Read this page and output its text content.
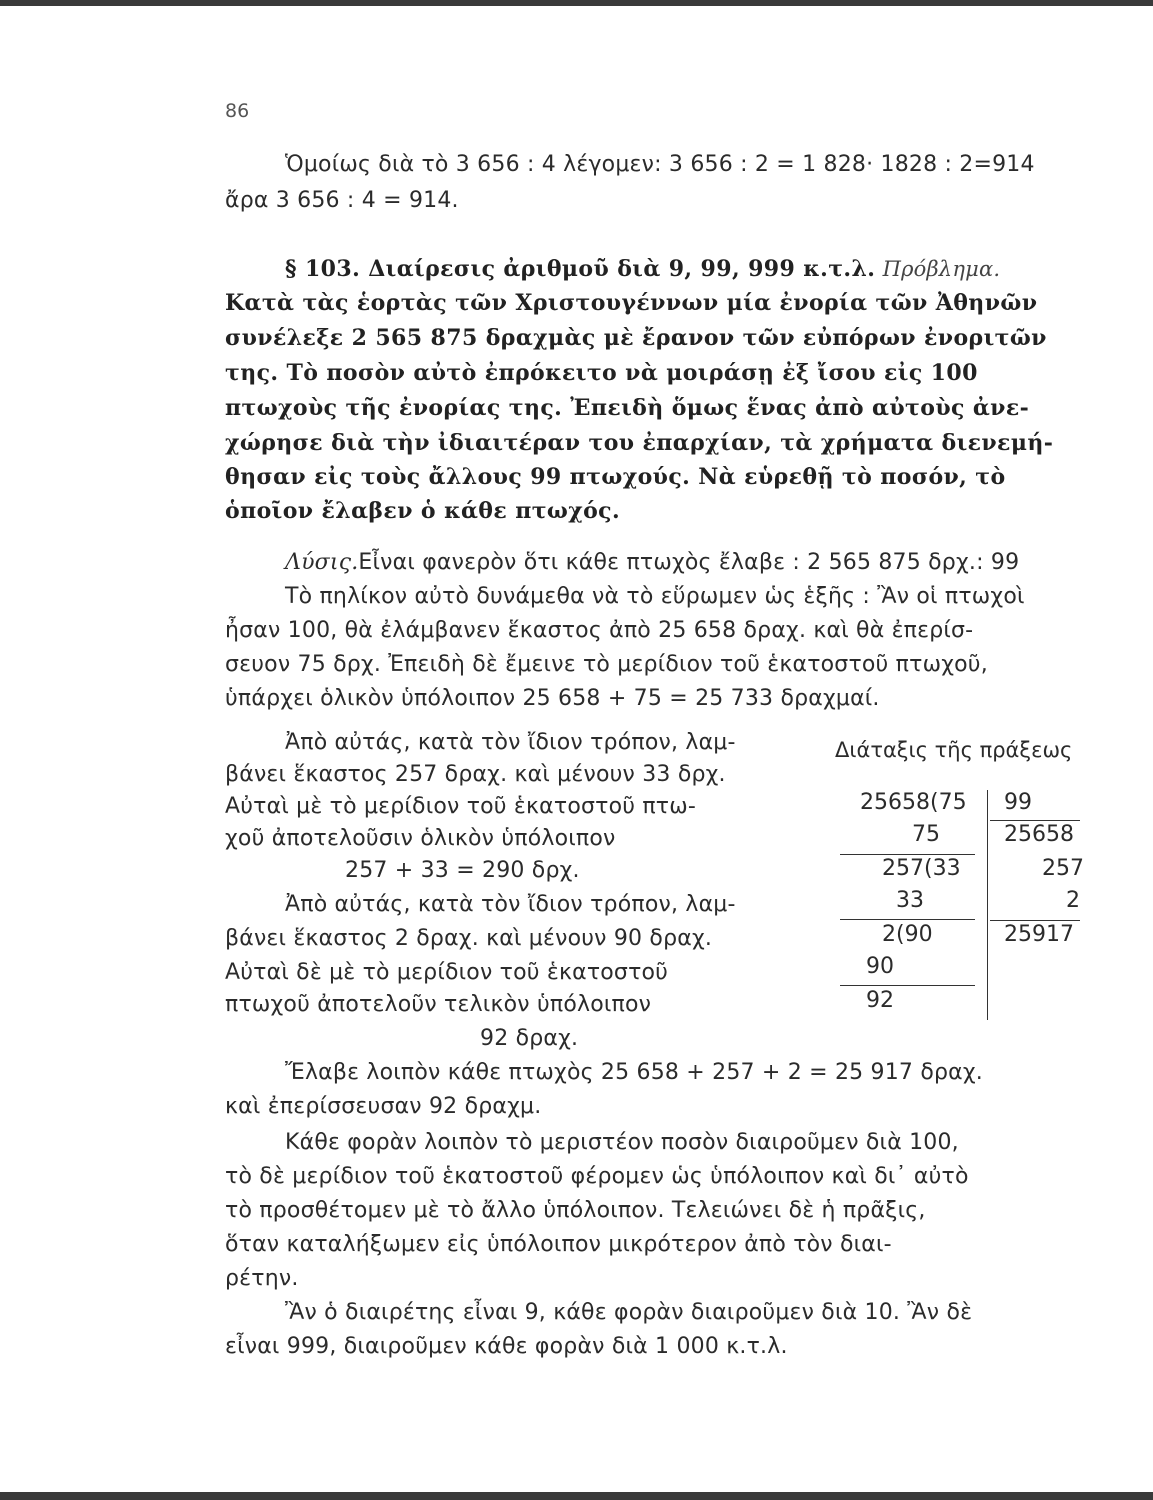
86
Ὁμοίως διὰ τὸ 3 656 : 4 λέγομεν: 3 656 : 2 = 1 828· 1828 : 2=914
ἄρα 3 656 : 4 = 914.
§ 103. Διαίρεσις ἀριθμοῦ διὰ 9, 99, 999 κ.τ.λ. Πρόβλημα.
Κατὰ τὰς ἑορτὰς τῶν Χριστουγέννων μία ἐνορία τῶν Ἀθηνῶν
συνέλεξε 2 565 875 δραχμὰς μὲ ἔρανον τῶν εὐπόρων ἐνοριτῶν
της. Τὸ ποσὸν αὐτὸ ἐπρόκειτο νὰ μοιράσῃ ἐξ ἴσου εἰς 100
πτωχοὺς τῆς ἐνορίας της. Ἐπειδὴ ὅμως ἕνας ἀπὸ αὐτοὺς ἀνε-
χώρησε διὰ τὴν ἰδιαιτέραν του ἐπαρχίαν, τὰ χρήματα διενεμή-
θησαν εἰς τοὺς ἄλλους 99 πτωχούς. Νὰ εὑρεθῇ τὸ ποσόν, τὸ
ὁποῖον ἔλαβεν ὁ κάθε πτωχός.
Λύσις.Εἶναι φανερὸν ὅτι κάθε πτωχὸς ἔλαβε : 2 565 875 δρχ.: 99
Τὸ πηλίκον αὐτὸ δυνάμεθα νὰ τὸ εὕρωμεν ὡς ἑξῆς : Ἂν οἱ πτωχοὶ
ἦσαν 100, θὰ ἐλάμβανεν ἕκαστος ἀπὸ 25 658 δραχ. καὶ θὰ ἐπερίσ-
σευον 75 δρχ. Ἐπειδὴ δὲ ἔμεινε τὸ μερίδιον τοῦ ἑκατοστοῦ πτωχοῦ,
ὑπάρχει ὁλικὸν ὑπόλοιπον 25 658 + 75 = 25 733 δραχμαί.
Ἀπὸ αὐτάς, κατὰ τὸν ἴδιον τρόπον, λαμ-
βάνει ἕκαστος 257 δραχ. καὶ μένουν 33 δρχ.
Αὐταὶ μὲ τὸ μερίδιον τοῦ ἑκατοστοῦ πτω-
χοῦ ἀποτελοῦσιν ὁλικὸν ὑπόλοιπον
257 + 33 = 290 δρχ.
Ἀπὸ αὐτάς, κατὰ τὸν ἴδιον τρόπον, λαμ-
βάνει ἕκαστος 2 δραχ. καὶ μένουν 90 δραχ.
Αὐταὶ δὲ μὲ τὸ μερίδιον τοῦ ἑκατοστοῦ
πτωχοῦ ἀποτελοῦν τελικὸν ὑπόλοιπον
92 δραχ.
Διάταξις τῆς πράξεως
25658(75
75
257(33
33
2(90
90
92
99
25658
257
2
25917
Ἔλαβε λοιπὸν κάθε πτωχὸς 25 658 + 257 + 2 = 25 917 δραχ.
καὶ ἐπερίσσευσαν 92 δραχμ.
Κάθε φορὰν λοιπὸν τὸ μεριστέον ποσὸν διαιροῦμεν διὰ 100,
τὸ δὲ μερίδιον τοῦ ἑκατοστοῦ φέρομεν ὡς ὑπόλοιπον καὶ δι᾽ αὐτὸ
τὸ προσθέτομεν μὲ τὸ ἄλλο ὑπόλοιπον. Τελειώνει δὲ ἡ πρᾶξις,
ὅταν καταλήξωμεν εἰς ὑπόλοιπον μικρότερον ἀπὸ τὸν διαι-
ρέτην.
Ἂν ὁ διαιρέτης εἶναι 9, κάθε φορὰν διαιροῦμεν διὰ 10. Ἂν δὲ
εἶναι 999, διαιροῦμεν κάθε φορὰν διὰ 1 000 κ.τ.λ.
